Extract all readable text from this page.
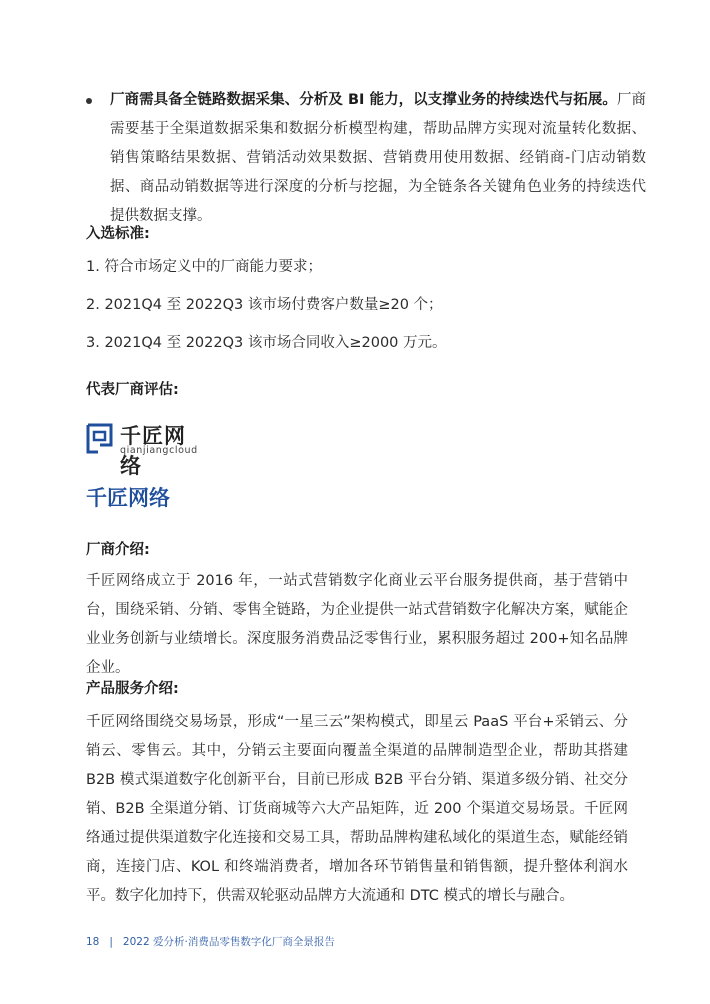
厂商需具备全链路数据采集、分析及 BI 能力，以支撑业务的持续迭代与拓展。厂商需要基于全渠道数据采集和数据分析模型构建，帮助品牌方实现对流量转化数据、销售策略结果数据、营销活动效果数据、营销费用使用数据、经销商-门店动销数据、商品动销数据等进行深度的分析与挖掘，为全链条各关键角色业务的持续迭代提供数据支撑。
入选标准:
1. 符合市场定义中的厂商能力要求；
2. 2021Q4 至 2022Q3 该市场付费客户数量≥20 个；
3. 2021Q4 至 2022Q3 该市场合同收入≥2000 万元。
代表厂商评估:
千匠网络
qianjiangcloud
千匠网络
厂商介绍:
千匠网络成立于 2016 年，一站式营销数字化商业云平台服务提供商，基于营销中台，围绕采销、分销、零售全链路，为企业提供一站式营销数字化解决方案，赋能企业业务创新与业绩增长。深度服务消费品泛零售行业，累积服务超过 200+知名品牌企业。
产品服务介绍:
千匠网络围绕交易场景，形成“一星三云”架构模式，即星云 PaaS 平台+采销云、分销云、零售云。其中，分销云主要面向覆盖全渠道的品牌制造型企业，帮助其搭建 B2B 模式渠道数字化创新平台，目前已形成 B2B 平台分销、渠道多级分销、社交分销、B2B 全渠道分销、订货商城等六大产品矩阵，近 200 个渠道交易场景。千匠网络通过提供渠道数字化连接和交易工具，帮助品牌构建私域化的渠道生态，赋能经销商，连接门店、KOL 和终端消费者，增加各环节销售量和销售额，提升整体利润水平。数字化加持下，供需双轮驱动品牌方大流通和 DTC 模式的增长与融合。
18 | 2022 爱分析·消费品零售数字化厂商全景报告
